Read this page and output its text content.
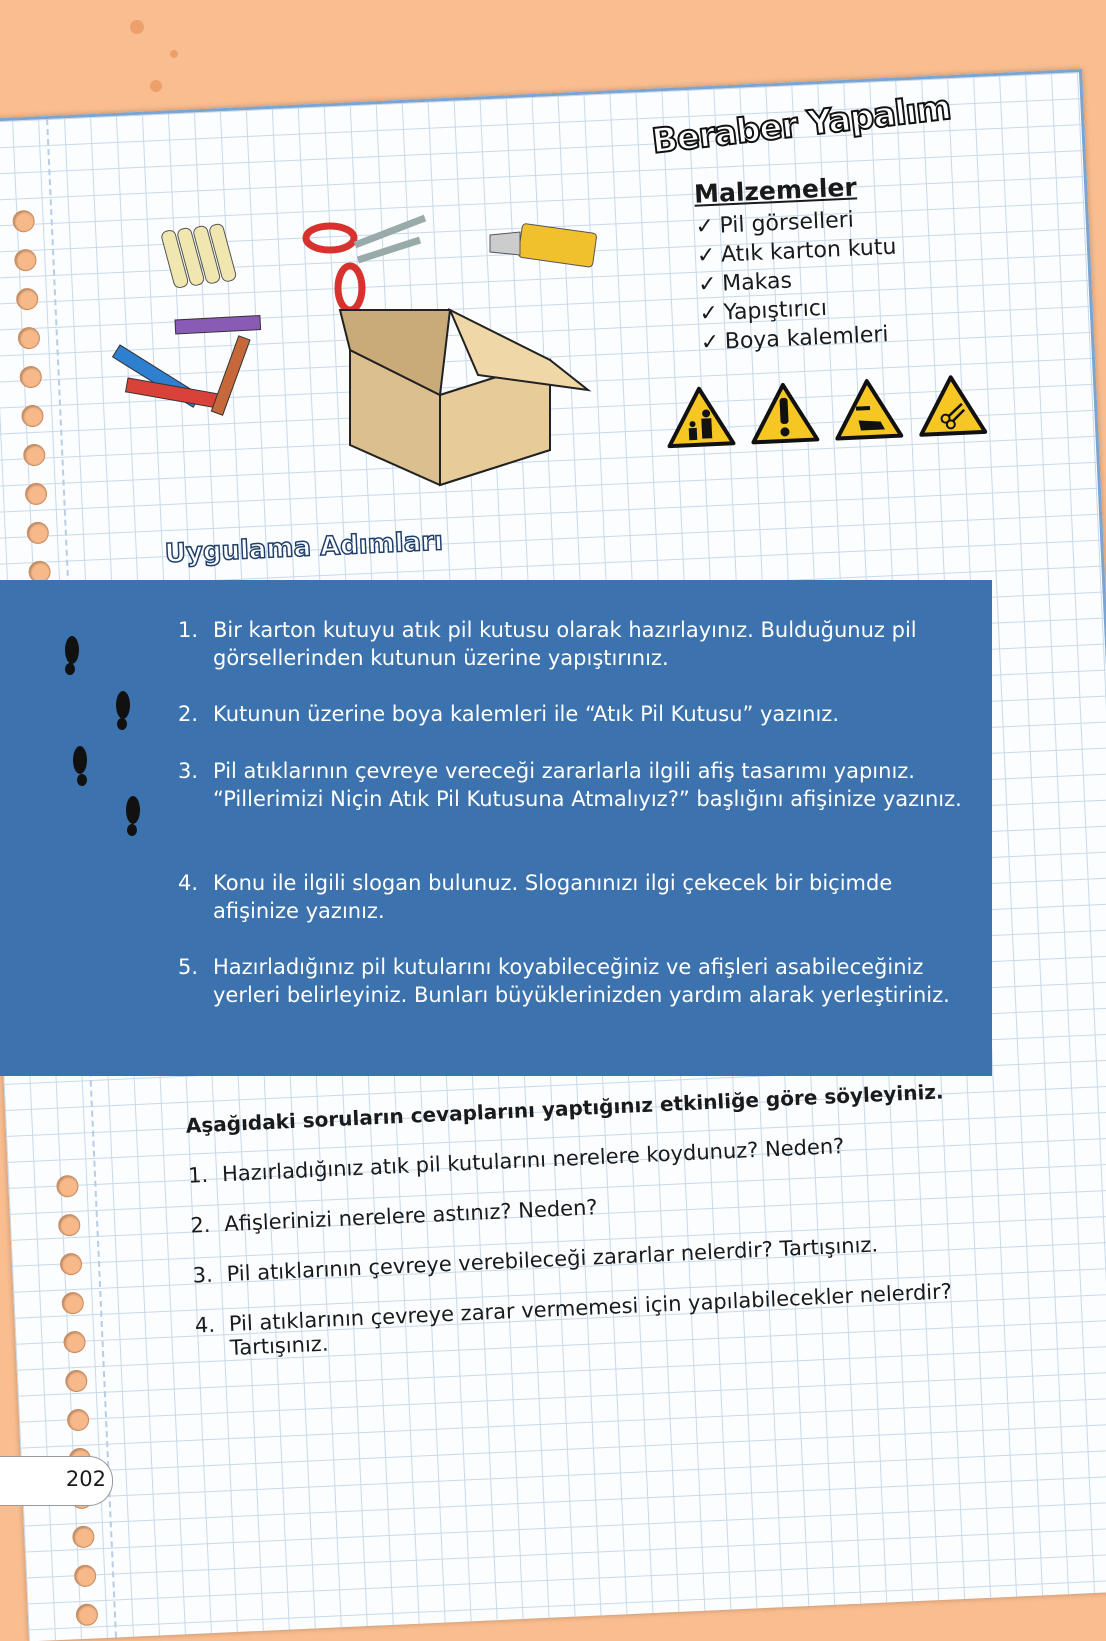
Beraber Yapalım
Malzemeler
✓ Pil görselleri
✓ Atık karton kutu
✓ Makas
✓ Yapıştırıcı
✓ Boya kalemleri
Uygulama Adımları
Aşağıdaki soruların cevaplarını yaptığınız etkinliğe göre söyleyiniz.
1. Hazırladığınız atık pil kutularını nerelere koydunuz? Neden?
2. Afişlerinizi nerelere astınız? Neden?
3. Pil atıklarının çevreye verebileceği zararlar nelerdir? Tartışınız.
4. Pil atıklarının çevreye zarar vermemesi için yapılabilecekler nelerdir? Tartışınız.
1. Bir karton kutuyu atık pil kutusu olarak hazırlayınız. Bulduğunuz pil görsellerinden kutunun üzerine yapıştırınız.
2. Kutunun üzerine boya kalemleri ile “Atık Pil Kutusu” yazınız.
3. Pil atıklarının çevreye vereceği zararlarla ilgili afiş tasarımı yapınız. “Pillerimizi Niçin Atık Pil Kutusuna Atmalıyız?” başlığını afişinize yazınız.
4. Konu ile ilgili slogan bulunuz. Sloganınızı ilgi çekecek bir biçimde afişinize yazınız.
5. Hazırladığınız pil kutularını koyabileceğiniz ve afişleri asabileceğiniz yerleri belirleyiniz. Bunları büyüklerinizden yardım alarak yerleştiriniz.
202
